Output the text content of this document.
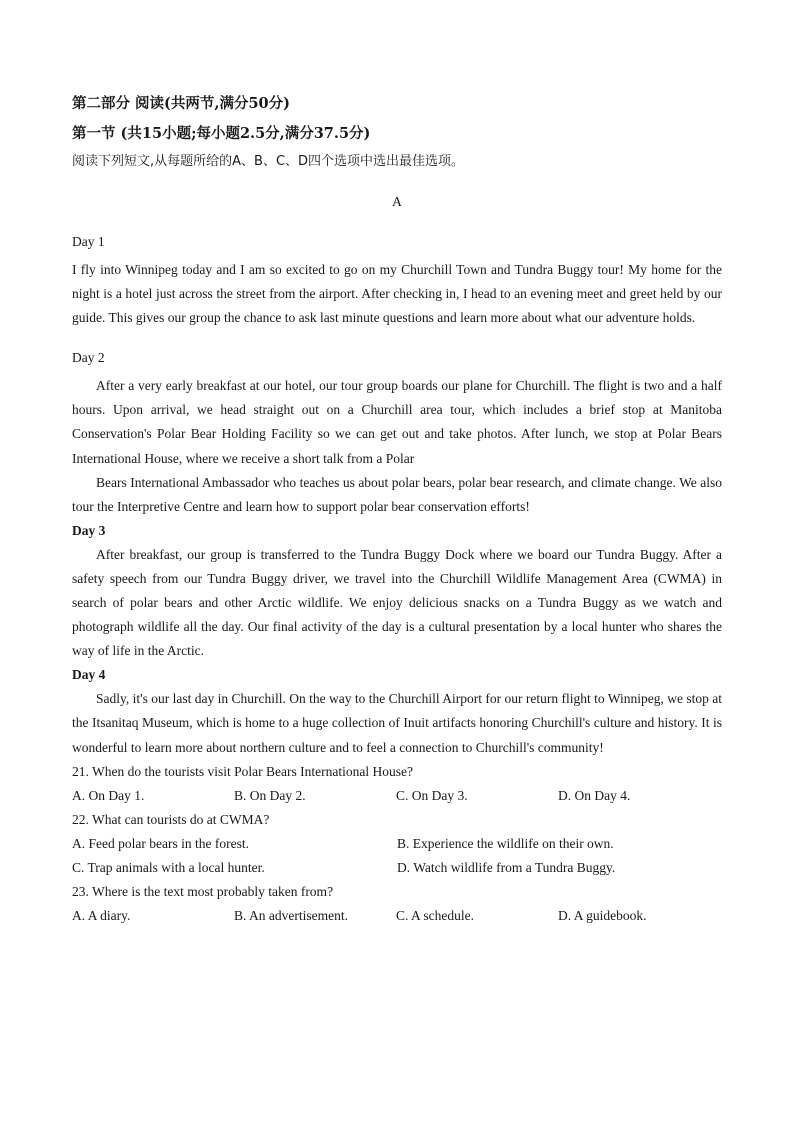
第二部分 阅读(共两节,满分50分)
第一节 (共15小题;每小题2.5分,满分37.5分)
阅读下列短文,从每题所给的A、B、C、D四个选项中选出最佳选项。
A
Day 1

I fly into Winnipeg today and I am so excited to go on my Churchill Town and Tundra Buggy tour! My home for the night is a hotel just across the street from the airport. After checking in, I head to an evening meet and greet held by our guide. This gives our group the chance to ask last minute questions and learn more about what our adventure holds.

Day 2

After a very early breakfast at our hotel, our tour group boards our plane for Churchill. The flight is two and a half hours. Upon arrival, we head straight out on a Churchill area tour, which includes a brief stop at Manitoba Conservation's Polar Bear Holding Facility so we can get out and take photos. After lunch, we stop at Polar Bears International House, where we receive a short talk from a Polar

Bears International Ambassador who teaches us about polar bears, polar bear research, and climate change. We also tour the Interpretive Centre and learn how to support polar bear conservation efforts!

Day 3

After breakfast, our group is transferred to the Tundra Buggy Dock where we board our Tundra Buggy. After a safety speech from our Tundra Buggy driver, we travel into the Churchill Wildlife Management Area (CWMA) in search of polar bears and other Arctic wildlife. We enjoy delicious snacks on a Tundra Buggy as we watch and photograph wildlife all the day. Our final activity of the day is a cultural presentation by a local hunter who shares the way of life in the Arctic.

Day 4

Sadly, it's our last day in Churchill. On the way to the Churchill Airport for our return flight to Winnipeg, we stop at the Itsanitaq Museum, which is home to a huge collection of Inuit artifacts honoring Churchill's culture and history. It is wonderful to learn more about northern culture and to feel a connection to Churchill's community!

21. When do the tourists visit Polar Bears International House?
A. On Day 1.	B. On Day 2.	C. On Day 3.	D. On Day 4.
22. What can tourists do at CWMA?
A. Feed polar bears in the forest.	B. Experience the wildlife on their own.
C. Trap animals with a local hunter.	D. Watch wildlife from a Tundra Buggy.
23. Where is the text most probably taken from?
A. A diary.	B. An advertisement.	C. A schedule.	D. A guidebook.
